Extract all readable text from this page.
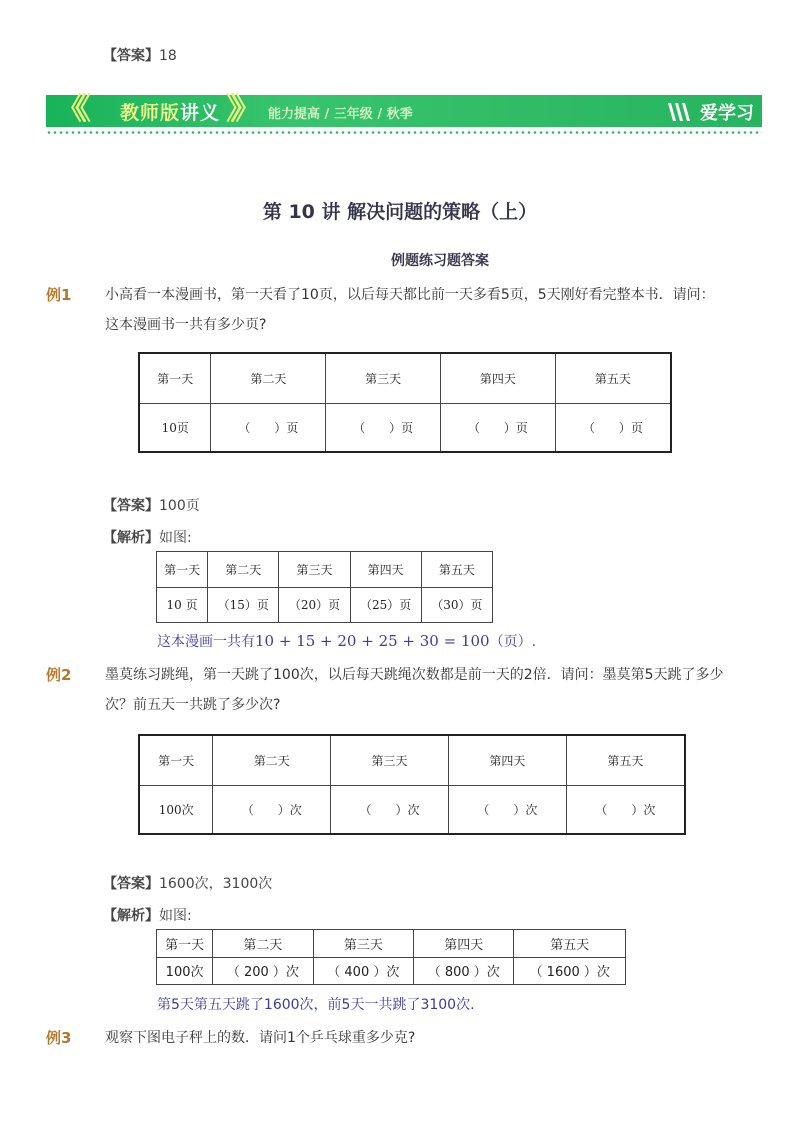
【答案】18
《《 教师版讲义 》》 能力提高 / 三年级 / 秋季	爱学习
第 10 讲 解决问题的策略（上）
例题练习题答案
例1 小高看一本漫画书，第一天看了10页，以后每天都比前一天多看5页，5天刚好看完整本书．请问：这本漫画书一共有多少页?
第一天	第二天	第三天	第四天	第五天
10页	（　　）页	（　　）页	（　　）页	（　　）页
【答案】100页
【解析】如图:
第一天	第二天	第三天	第四天	第五天
10 页	（15）页	（20）页	（25）页	（30）页
这本漫画一共有10 + 15 + 20 + 25 + 30 = 100（页）.
例2 墨莫练习跳绳，第一天跳了100次，以后每天跳绳次数都是前一天的2倍．请问：墨莫第5天跳了多少次？前五天一共跳了多少次?
第一天	第二天	第三天	第四天	第五天
100次	（　　）次	（　　）次	（　　）次	（　　）次
【答案】1600次，3100次
【解析】如图:
第一天	第二天	第三天	第四天	第五天
100次	（ 200 ）次	（ 400 ）次	（ 800 ）次	（ 1600 ）次
第5天第五天跳了1600次，前5天一共跳了3100次.
例3 观察下图电子秤上的数．请问1个乒乓球重多少克?
